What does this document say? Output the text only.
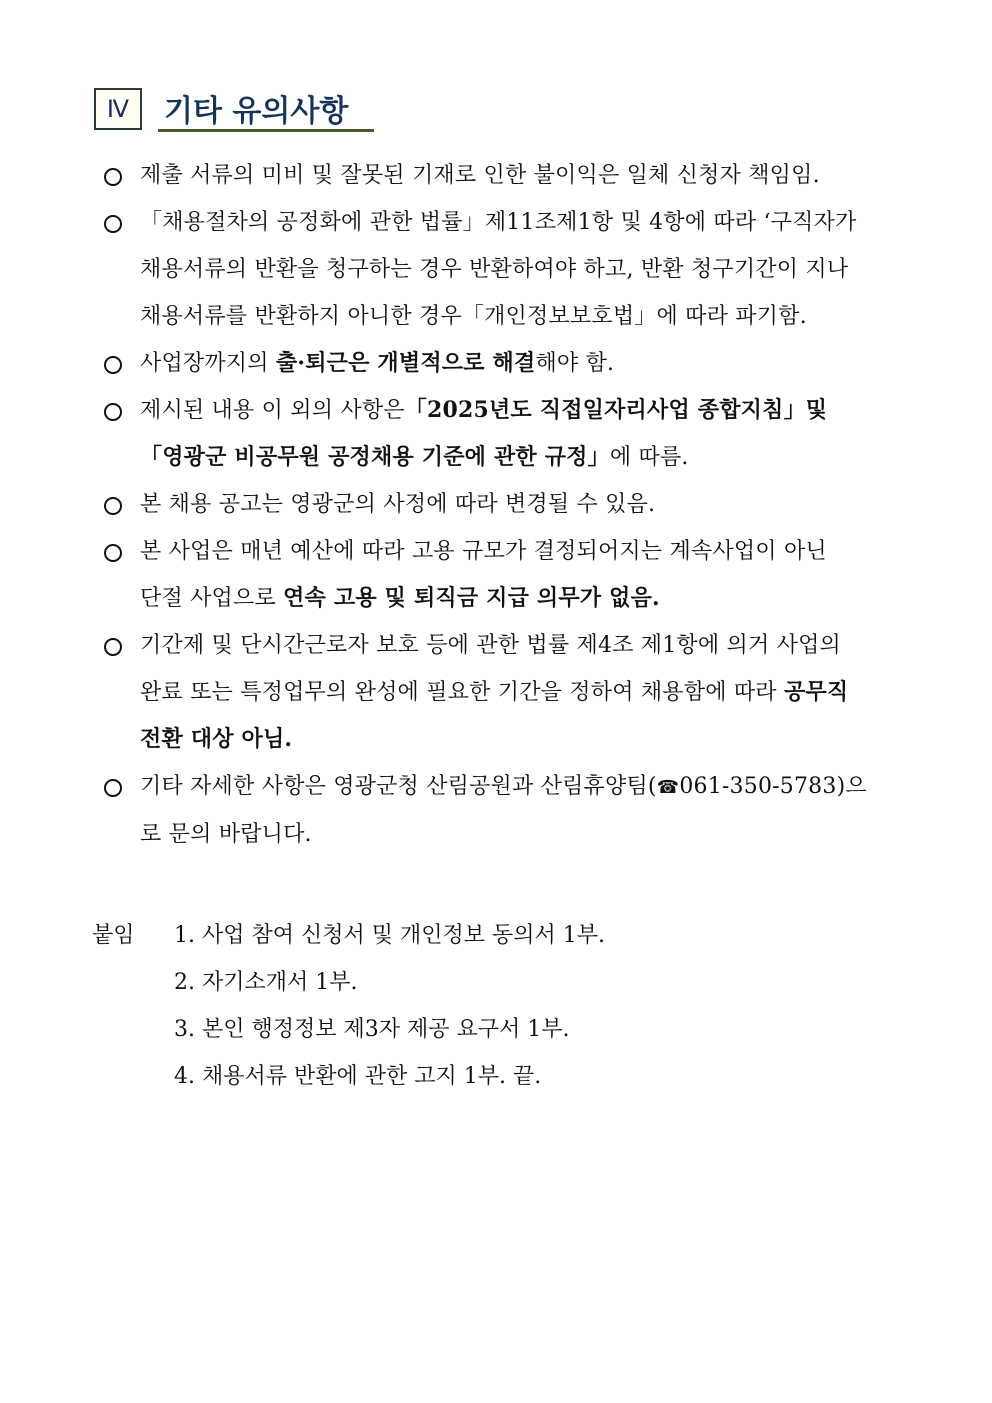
Ⅳ 기타 유의사항
제출 서류의 미비 및 잘못된 기재로 인한 불이익은 일체 신청자 책임임.
「채용절차의 공정화에 관한 법률」제11조제1항 및 4항에 따라 ‘구직자가
채용서류의 반환을 청구하는 경우 반환하여야 하고, 반환 청구기간이 지나
채용서류를 반환하지 아니한 경우「개인정보보호법」에 따라 파기함.
사업장까지의 출·퇴근은 개별적으로 해결해야 함.
제시된 내용 이 외의 사항은「2025년도 직접일자리사업 종합지침」및
「영광군 비공무원 공정채용 기준에 관한 규정」에 따름.
본 채용 공고는 영광군의 사정에 따라 변경될 수 있음.
본 사업은 매년 예산에 따라 고용 규모가 결정되어지는 계속사업이 아닌
단절 사업으로 연속 고용 및 퇴직금 지급 의무가 없음.
기간제 및 단시간근로자 보호 등에 관한 법률 제4조 제1항에 의거 사업의
완료 또는 특정업무의 완성에 필요한 기간을 정하여 채용함에 따라 공무직
전환 대상 아님.
기타 자세한 사항은 영광군청 산림공원과 산림휴양팀(☎061-350-5783)으
로 문의 바랍니다.
붙임 1. 사업 참여 신청서 및 개인정보 동의서 1부.
2. 자기소개서 1부.
3. 본인 행정정보 제3자 제공 요구서 1부.
4. 채용서류 반환에 관한 고지 1부. 끝.
